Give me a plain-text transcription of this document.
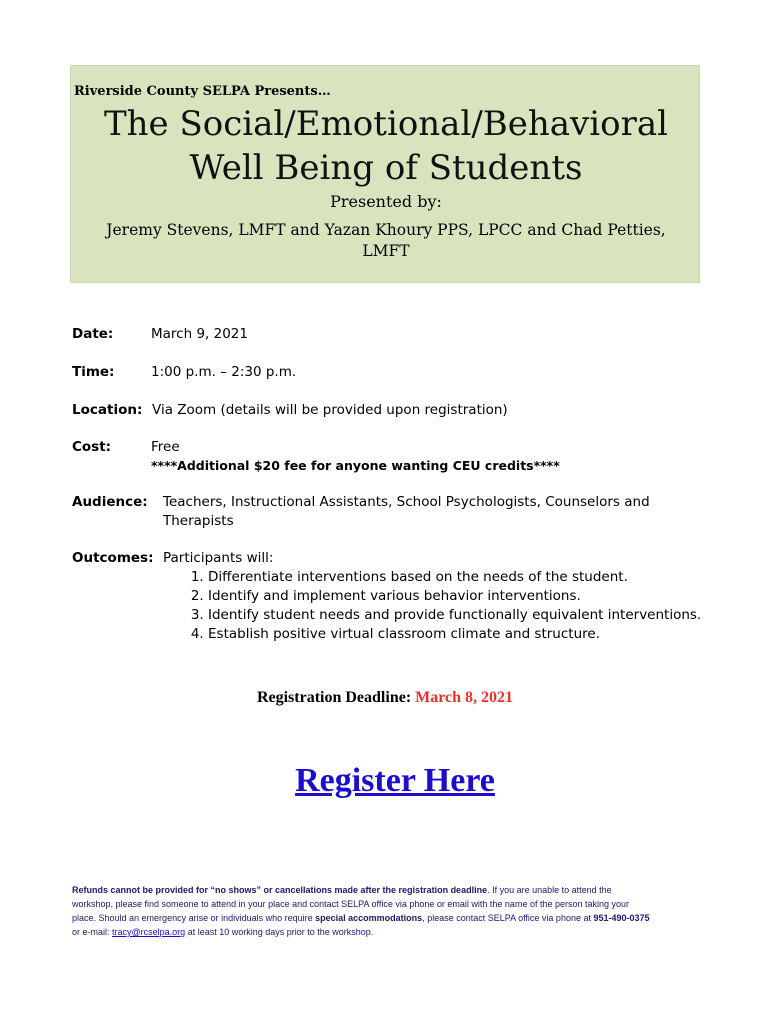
Riverside County SELPA Presents…
The Social/Emotional/Behavioral
Well Being of Students
Presented by:
Jeremy Stevens, LMFT and Yazan Khoury PPS, LPCC and Chad Petties,
LMFT
Date:	March 9, 2021
Time:	1:00 p.m. – 2:30 p.m.
Location: Via Zoom (details will be provided upon registration)
Cost:	Free
****Additional $20 fee for anyone wanting CEU credits****
Audience: Teachers, Instructional Assistants, School Psychologists, Counselors and
Therapists
Outcomes: Participants will:
1. Differentiate interventions based on the needs of the student.
2. Identify and implement various behavior interventions.
3. Identify student needs and provide functionally equivalent interventions.
4. Establish positive virtual classroom climate and structure.
Registration Deadline: March 8, 2021
Register Here
Refunds cannot be provided for “no shows” or cancellations made after the registration deadline. If you are unable to attend the
workshop, please find someone to attend in your place and contact SELPA office via phone or email with the name of the person taking your
place. Should an emergency arise or individuals who require special accommodations, please contact SELPA office via phone at 951-490-0375
or e-mail: tracy@rcselpa.org at least 10 working days prior to the workshop.
